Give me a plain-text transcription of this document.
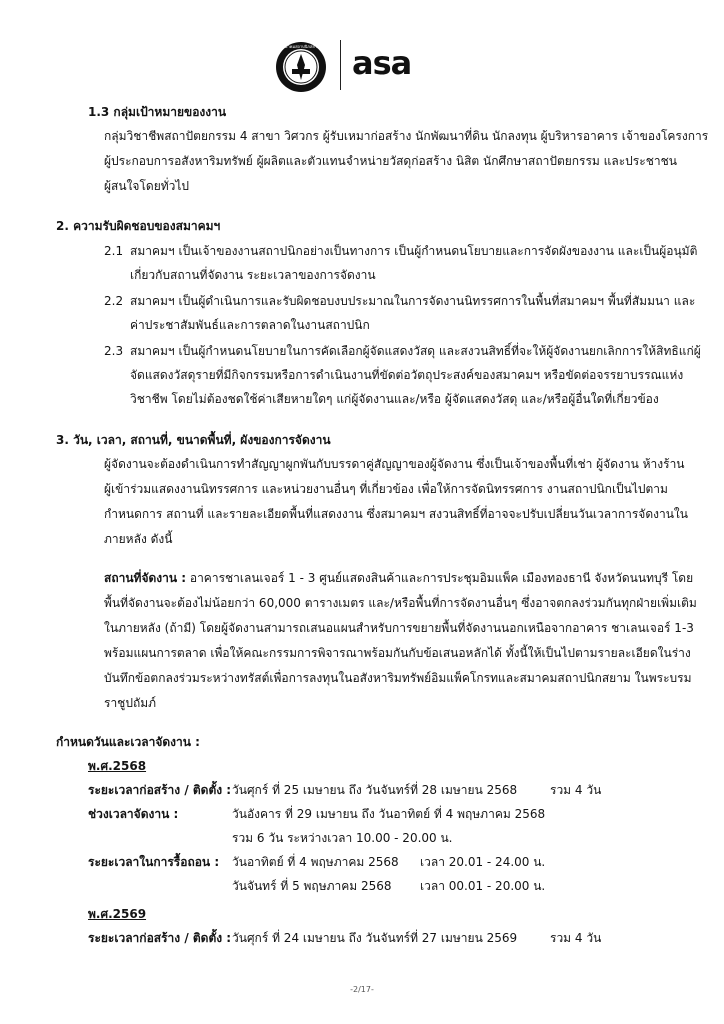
สมาคมสถาปนิกสยาม asa
1.3 กลุ่มเป้าหมายของงาน
กลุ่มวิชาชีพสถาปัตยกรรม 4 สาขา วิศวกร ผู้รับเหมาก่อสร้าง นักพัฒนาที่ดิน นักลงทุน ผู้บริหารอาคาร เจ้าของโครงการ
ผู้ประกอบการอสังหาริมทรัพย์ ผู้ผลิตและตัวแทนจำหน่ายวัสดุก่อสร้าง นิสิต นักศึกษาสถาปัตยกรรม และประชาชน
ผู้สนใจโดยทั่วไป
2. ความรับผิดชอบของสมาคมฯ
2.1 สมาคมฯ เป็นเจ้าของงานสถาปนิกอย่างเป็นทางการ เป็นผู้กำหนดนโยบายและการจัดผังของงาน และเป็นผู้อนุมัติ
เกี่ยวกับสถานที่จัดงาน ระยะเวลาของการจัดงาน
2.2 สมาคมฯ เป็นผู้ดำเนินการและรับผิดชอบงบประมาณในการจัดงานนิทรรศการในพื้นที่สมาคมฯ พื้นที่สัมมนา และ
ค่าประชาสัมพันธ์และการตลาดในงานสถาปนิก
2.3 สมาคมฯ เป็นผู้กำหนดนโยบายในการคัดเลือกผู้จัดแสดงวัสดุ และสงวนสิทธิ์ที่จะให้ผู้จัดงานยกเลิกการให้สิทธิแก่ผู้
จัดแสดงวัสดุรายที่มีกิจกรรมหรือการดำเนินงานที่ขัดต่อวัตถุประสงค์ของสมาคมฯ หรือขัดต่อจรรยาบรรณแห่ง
วิชาชีพ โดยไม่ต้องชดใช้ค่าเสียหายใดๆ แก่ผู้จัดงานและ/หรือ ผู้จัดแสดงวัสดุ และ/หรือผู้อื่นใดที่เกี่ยวข้อง
3. วัน, เวลา, สถานที่, ขนาดพื้นที่, ผังของการจัดงาน
ผู้จัดงานจะต้องดำเนินการทำสัญญาผูกพันกับบรรดาคู่สัญญาของผู้จัดงาน ซึ่งเป็นเจ้าของพื้นที่เช่า ผู้จัดงาน ห้างร้าน
ผู้เข้าร่วมแสดงงานนิทรรศการ และหน่วยงานอื่นๆ ที่เกี่ยวข้อง เพื่อให้การจัดนิทรรศการ งานสถาปนิกเป็นไปตาม
กำหนดการ สถานที่ และรายละเอียดพื้นที่แสดงงาน ซึ่งสมาคมฯ สงวนสิทธิ์ที่อาจจะปรับเปลี่ยนวันเวลาการจัดงานใน
ภายหลัง ดังนี้
สถานที่จัดงาน : อาคารชาเลนเจอร์ 1 - 3 ศูนย์แสดงสินค้าและการประชุมอิมแพ็ค เมืองทองธานี จังหวัดนนทบุรี โดย
พื้นที่จัดงานจะต้องไม่น้อยกว่า 60,000 ตารางเมตร และ/หรือพื้นที่การจัดงานอื่นๆ ซึ่งอาจตกลงร่วมกันทุกฝ่ายเพิ่มเติม
ในภายหลัง (ถ้ามี) โดยผู้จัดงานสามารถเสนอแผนสำหรับการขยายพื้นที่จัดงานนอกเหนือจากอาคาร ชาเลนเจอร์ 1-3
พร้อมแผนการตลาด เพื่อให้คณะกรรมการพิจารณาพร้อมกันกับข้อเสนอหลักได้ ทั้งนี้ให้เป็นไปตามรายละเอียดในร่าง
บันทึกข้อตกลงร่วมระหว่างทรัสต์เพื่อการลงทุนในอสังหาริมทรัพย์อิมแพ็คโกรทและสมาคมสถาปนิกสยาม ในพระบรม
ราชูปถัมภ์
กำหนดวันและเวลาจัดงาน :
พ.ศ.2568
ระยะเวลาก่อสร้าง / ติดตั้ง : วันศุกร์ ที่ 25 เมษายน ถึง วันจันทร์ที่ 28 เมษายน 2568	รวม 4 วัน
ช่วงเวลาจัดงาน :	วันอังคาร ที่ 29 เมษายน ถึง วันอาทิตย์ ที่ 4 พฤษภาคม 2568
รวม 6 วัน ระหว่างเวลา 10.00 - 20.00 น.
ระยะเวลาในการรื้อถอน : วันอาทิตย์ ที่ 4 พฤษภาคม 2568 เวลา 20.01 - 24.00 น.
วันจันทร์ ที่ 5 พฤษภาคม 2568 เวลา 00.01 - 20.00 น.
พ.ศ.2569
ระยะเวลาก่อสร้าง / ติดตั้ง : วันศุกร์ ที่ 24 เมษายน ถึง วันจันทร์ที่ 27 เมษายน 2569	รวม 4 วัน
-2/17-
